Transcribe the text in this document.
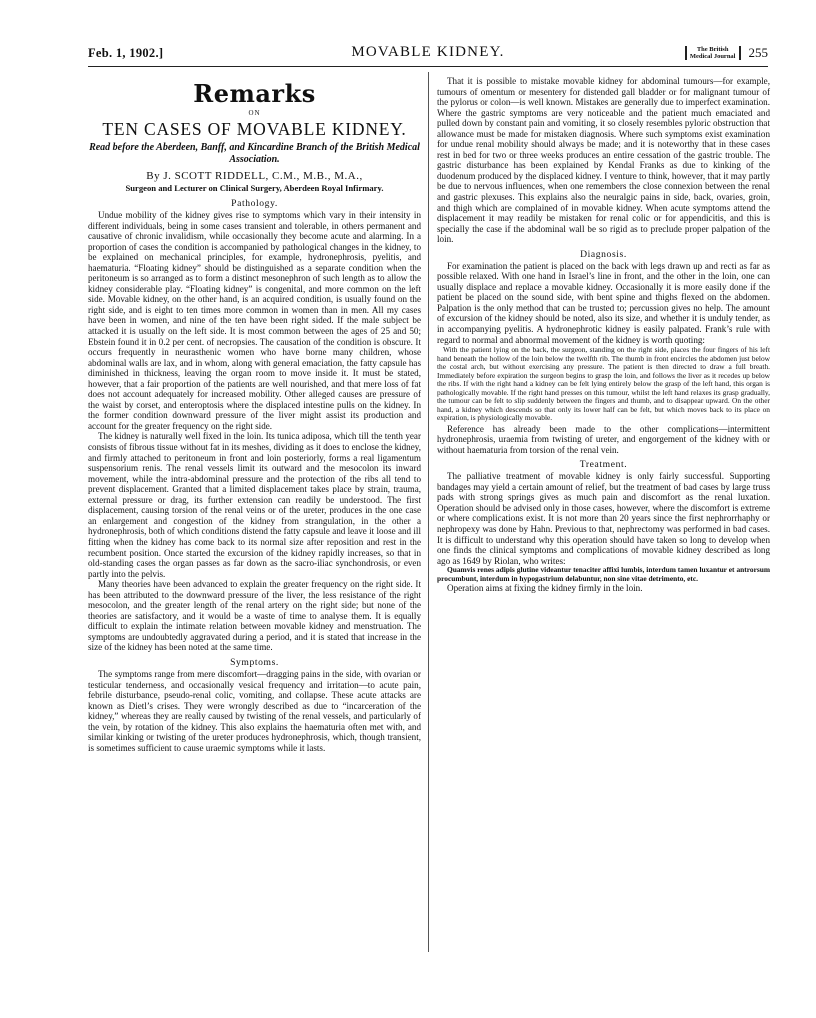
Feb. 1, 1902.]	MOVABLE KIDNEY.	The British
Medical Journal 255
Remarks
ON
TEN CASES OF MOVABLE KIDNEY.
Read before the Aberdeen, Banff, and Kincardine Branch of the British Medical Association.
By J. SCOTT RIDDELL, C.M., M.B., M.A.,
Surgeon and Lecturer on Clinical Surgery, Aberdeen Royal Infirmary.
Pathology.

Undue mobility of the kidney gives rise to symptoms which vary in their intensity in different individuals, being in some cases transient and tolerable, in others permanent and causative of chronic invalidism, while occasionally they become acute and alarming. In a proportion of cases the condition is accompanied by pathological changes in the kidney, to be explained on mechanical principles, for example, hydronephrosis, pyelitis, and haematuria. “Floating kidney” should be distinguished as a separate condition when the peritoneum is so arranged as to form a distinct mesonephron of such length as to allow the kidney considerable play. “Floating kidney” is congenital, and more common on the left side. Movable kidney, on the other hand, is an acquired condition, is usually found on the right side, and is eight to ten times more common in women than in men. All my cases have been in women, and nine of the ten have been right sided. If the male subject be attacked it is usually on the left side. It is most common between the ages of 25 and 50; Ebstein found it in 0.2 per cent. of necropsies. The causation of the condition is obscure. It occurs frequently in neurasthenic women who have borne many children, whose abdominal walls are lax, and in whom, along with general emaciation, the fatty capsule has diminished in thickness, leaving the organ room to move inside it. It must be stated, however, that a fair proportion of the patients are well nourished, and that mere loss of fat does not account adequately for increased mobility. Other alleged causes are pressure of the waist by corset, and enteroptosis where the displaced intestine pulls on the kidney. In the former condition downward pressure of the liver might assist its production and account for the greater frequency on the right side.

The kidney is naturally well fixed in the loin. Its tunica adiposa, which till the tenth year consists of fibrous tissue without fat in its meshes, dividing as it does to enclose the kidney, and firmly attached to peritoneum in front and loin posteriorly, forms a real ligamentum suspensorium renis. The renal vessels limit its outward and the mesocolon its inward movement, while the intra-abdominal pressure and the protection of the ribs all tend to prevent displacement. Granted that a limited displacement takes place by strain, trauma, external pressure or drag, its further extension can readily be understood. The first displacement, causing torsion of the renal veins or of the ureter, produces in the one case an enlargement and congestion of the kidney from strangulation, in the other a hydronephrosis, both of which conditions distend the fatty capsule and leave it loose and ill fitting when the kidney has come back to its normal size after reposition and rest in the recumbent position. Once started the excursion of the kidney rapidly increases, so that in old-standing cases the organ passes as far down as the sacro-iliac synchondrosis, or even partly into the pelvis.

Many theories have been advanced to explain the greater frequency on the right side. It has been attributed to the downward pressure of the liver, the less resistance of the right mesocolon, and the greater length of the renal artery on the right side; but none of the theories are satisfactory, and it would be a waste of time to analyse them. It is equally difficult to explain the intimate relation between movable kidney and menstruation. The symptoms are undoubtedly aggravated during a period, and it is stated that increase in the size of the kidney has been noted at the same time.

Symptoms.

The symptoms range from mere discomfort—dragging pains in the side, with ovarian or testicular tenderness, and occasionally vesical frequency and irritation—to acute pain, febrile disturbance, pseudo-renal colic, vomiting, and collapse. These acute attacks are known as Dietl’s crises. They were wrongly described as due to “incarceration of the kidney,” whereas they are really caused by twisting of the renal vessels, and particularly of the vein, by rotation of the kidney. This also explains the haematuria often met with, and similar kinking or twisting of the ureter produces hydronephrosis, which, though transient, is sometimes sufficient to cause uraemic symptoms while it lasts.

That it is possible to mistake movable kidney for abdominal tumours—for example, tumours of omentum or mesentery for distended gall bladder or for malignant tumour of the pylorus or colon—is well known. Mistakes are generally due to imperfect examination. Where the gastric symptoms are very noticeable and the patient much emaciated and pulled down by constant pain and vomiting, it so closely resembles pyloric obstruction that allowance must be made for mistaken diagnosis. Where such symptoms exist examination for undue renal mobility should always be made; and it is noteworthy that in these cases rest in bed for two or three weeks produces an entire cessation of the gastric trouble. The gastric disturbance has been explained by Kendal Franks as due to kinking of the duodenum produced by the displaced kidney. I venture to think, however, that it may partly be due to nervous influences, when one remembers the close connexion between the renal and gastric plexuses. This explains also the neuralgic pains in side, back, ovaries, groin, and thigh which are complained of in movable kidney. When acute symptoms attend the displacement it may readily be mistaken for renal colic or for appendicitis, and this is specially the case if the abdominal wall be so rigid as to preclude proper palpation of the loin.

Diagnosis.

For examination the patient is placed on the back with legs drawn up and recti as far as possible relaxed. With one hand in Israel’s line in front, and the other in the loin, one can usually displace and replace a movable kidney. Occasionally it is more easily done if the patient be placed on the sound side, with bent spine and thighs flexed on the abdomen. Palpation is the only method that can be trusted to; percussion gives no help. The amount of excursion of the kidney should be noted, also its size, and whether it is unduly tender, as in accompanying pyelitis. A hydronephrotic kidney is easily palpated. Frank’s rule with regard to normal and abnormal movement of the kidney is worth quoting:

With the patient lying on the back, the surgeon, standing on the right side, places the four fingers of his left hand beneath the hollow of the loin below the twelfth rib. The thumb in front encircles the abdomen just below the costal arch, but without exercising any pressure. The patient is then directed to draw a full breath. Immediately before expiration the surgeon begins to grasp the loin, and follows the liver as it recedes up below the ribs. If with the right hand a kidney can be felt lying entirely below the grasp of the left hand, this organ is pathologically movable. If the right hand presses on this tumour, whilst the left hand relaxes its grasp gradually, the tumour can be felt to slip suddenly between the fingers and thumb, and to disappear upward. On the other hand, a kidney which descends so that only its lower half can be felt, but which moves back to its place on expiration, is physiologically movable.

Reference has already been made to the other complications—intermittent hydronephrosis, uraemia from twisting of ureter, and engorgement of the kidney with or without haematuria from torsion of the renal vein.

Treatment.

The palliative treatment of movable kidney is only fairly successful. Supporting bandages may yield a certain amount of relief, but the treatment of bad cases by large truss pads with strong springs gives as much pain and discomfort as the renal luxation. Operation should be advised only in those cases, however, where the discomfort is extreme or where complications exist. It is not more than 20 years since the first nephrorrhaphy or nephropexy was done by Hahn. Previous to that, nephrectomy was performed in bad cases. It is difficult to understand why this operation should have taken so long to develop when one finds the clinical symptoms and complications of movable kidney described as long ago as 1649 by Riolan, who writes:

Quamvis renes adipis glutine videantur tenaciter affixi lumbis, interdum tamen luxantur et antrorsum procumbunt, interdum in hypogastrium delabuntur, non sine vitae detrimento, etc.

Operation aims at fixing the kidney firmly in the loin.
